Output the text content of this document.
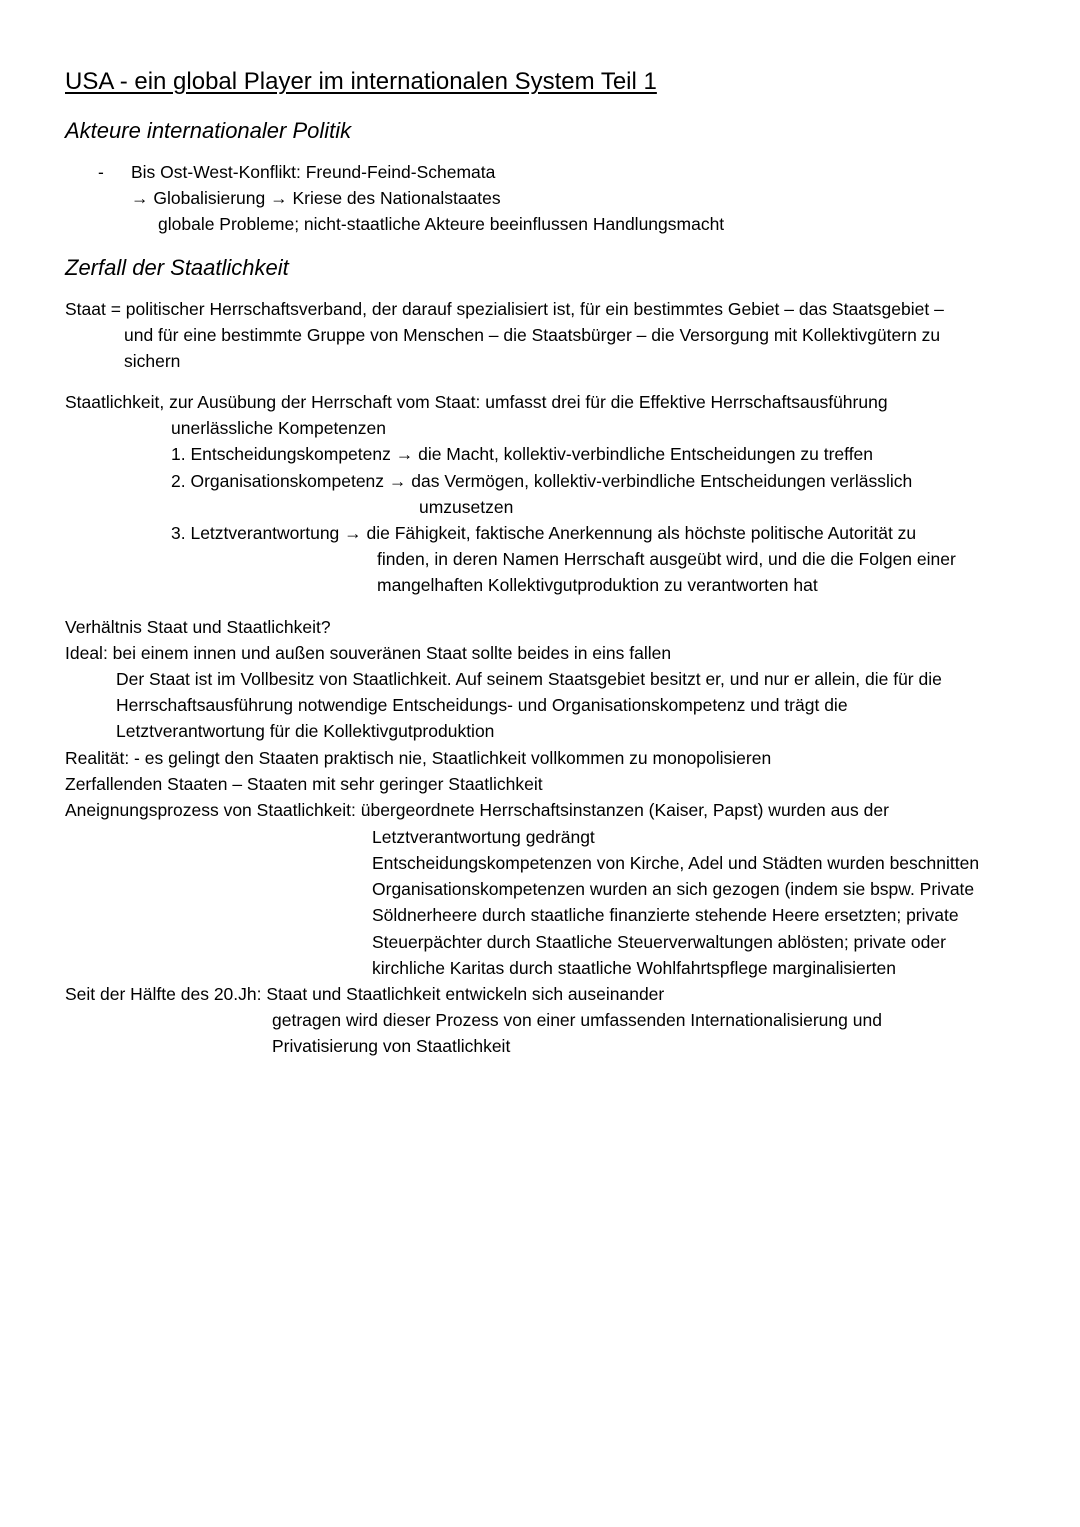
USA - ein global Player im internationalen System Teil 1
Akteure internationaler Politik
- Bis Ost-West-Konflikt: Freund-Feind-Schemata
→ Globalisierung → Kriese des Nationalstaates
globale Probleme; nicht-staatliche Akteure beeinflussen Handlungsmacht
Zerfall der Staatlichkeit
Staat = politischer Herrschaftsverband, der darauf spezialisiert ist, für ein bestimmtes Gebiet – das Staatsgebiet –
und für eine bestimmte Gruppe von Menschen – die Staatsbürger – die Versorgung mit Kollektivgütern zu
sichern
Staatlichkeit, zur Ausübung der Herrschaft vom Staat: umfasst drei für die Effektive Herrschaftsausführung
unerlässliche Kompetenzen
1. Entscheidungskompetenz → die Macht, kollektiv-verbindliche Entscheidungen zu treffen
2. Organisationskompetenz → das Vermögen, kollektiv-verbindliche Entscheidungen verlässlich
umzusetzen
3. Letztverantwortung → die Fähigkeit, faktische Anerkennung als höchste politische Autorität zu
finden, in deren Namen Herrschaft ausgeübt wird, und die die Folgen einer
mangelhaften Kollektivgutproduktion zu verantworten hat
Verhältnis Staat und Staatlichkeit?
Ideal: bei einem innen und außen souveränen Staat sollte beides in eins fallen
Der Staat ist im Vollbesitz von Staatlichkeit. Auf seinem Staatsgebiet besitzt er, und nur er allein, die für die
Herrschaftsausführung notwendige Entscheidungs- und Organisationskompetenz und trägt die
Letztverantwortung für die Kollektivgutproduktion
Realität: - es gelingt den Staaten praktisch nie, Staatlichkeit vollkommen zu monopolisieren
Zerfallenden Staaten – Staaten mit sehr geringer Staatlichkeit
Aneignungsprozess von Staatlichkeit: übergeordnete Herrschaftsinstanzen (Kaiser, Papst) wurden aus der
Letztverantwortung gedrängt
Entscheidungskompetenzen von Kirche, Adel und Städten wurden beschnitten
Organisationskompetenzen wurden an sich gezogen (indem sie bspw. Private
Söldnerheere durch staatliche finanzierte stehende Heere ersetzten; private
Steuerpächter durch Staatliche Steuerverwaltungen ablösten; private oder
kirchliche Karitas durch staatliche Wohlfahrtspflege marginalisierten
Seit der Hälfte des 20.Jh: Staat und Staatlichkeit entwickeln sich auseinander
getragen wird dieser Prozess von einer umfassenden Internationalisierung und
Privatisierung von Staatlichkeit
